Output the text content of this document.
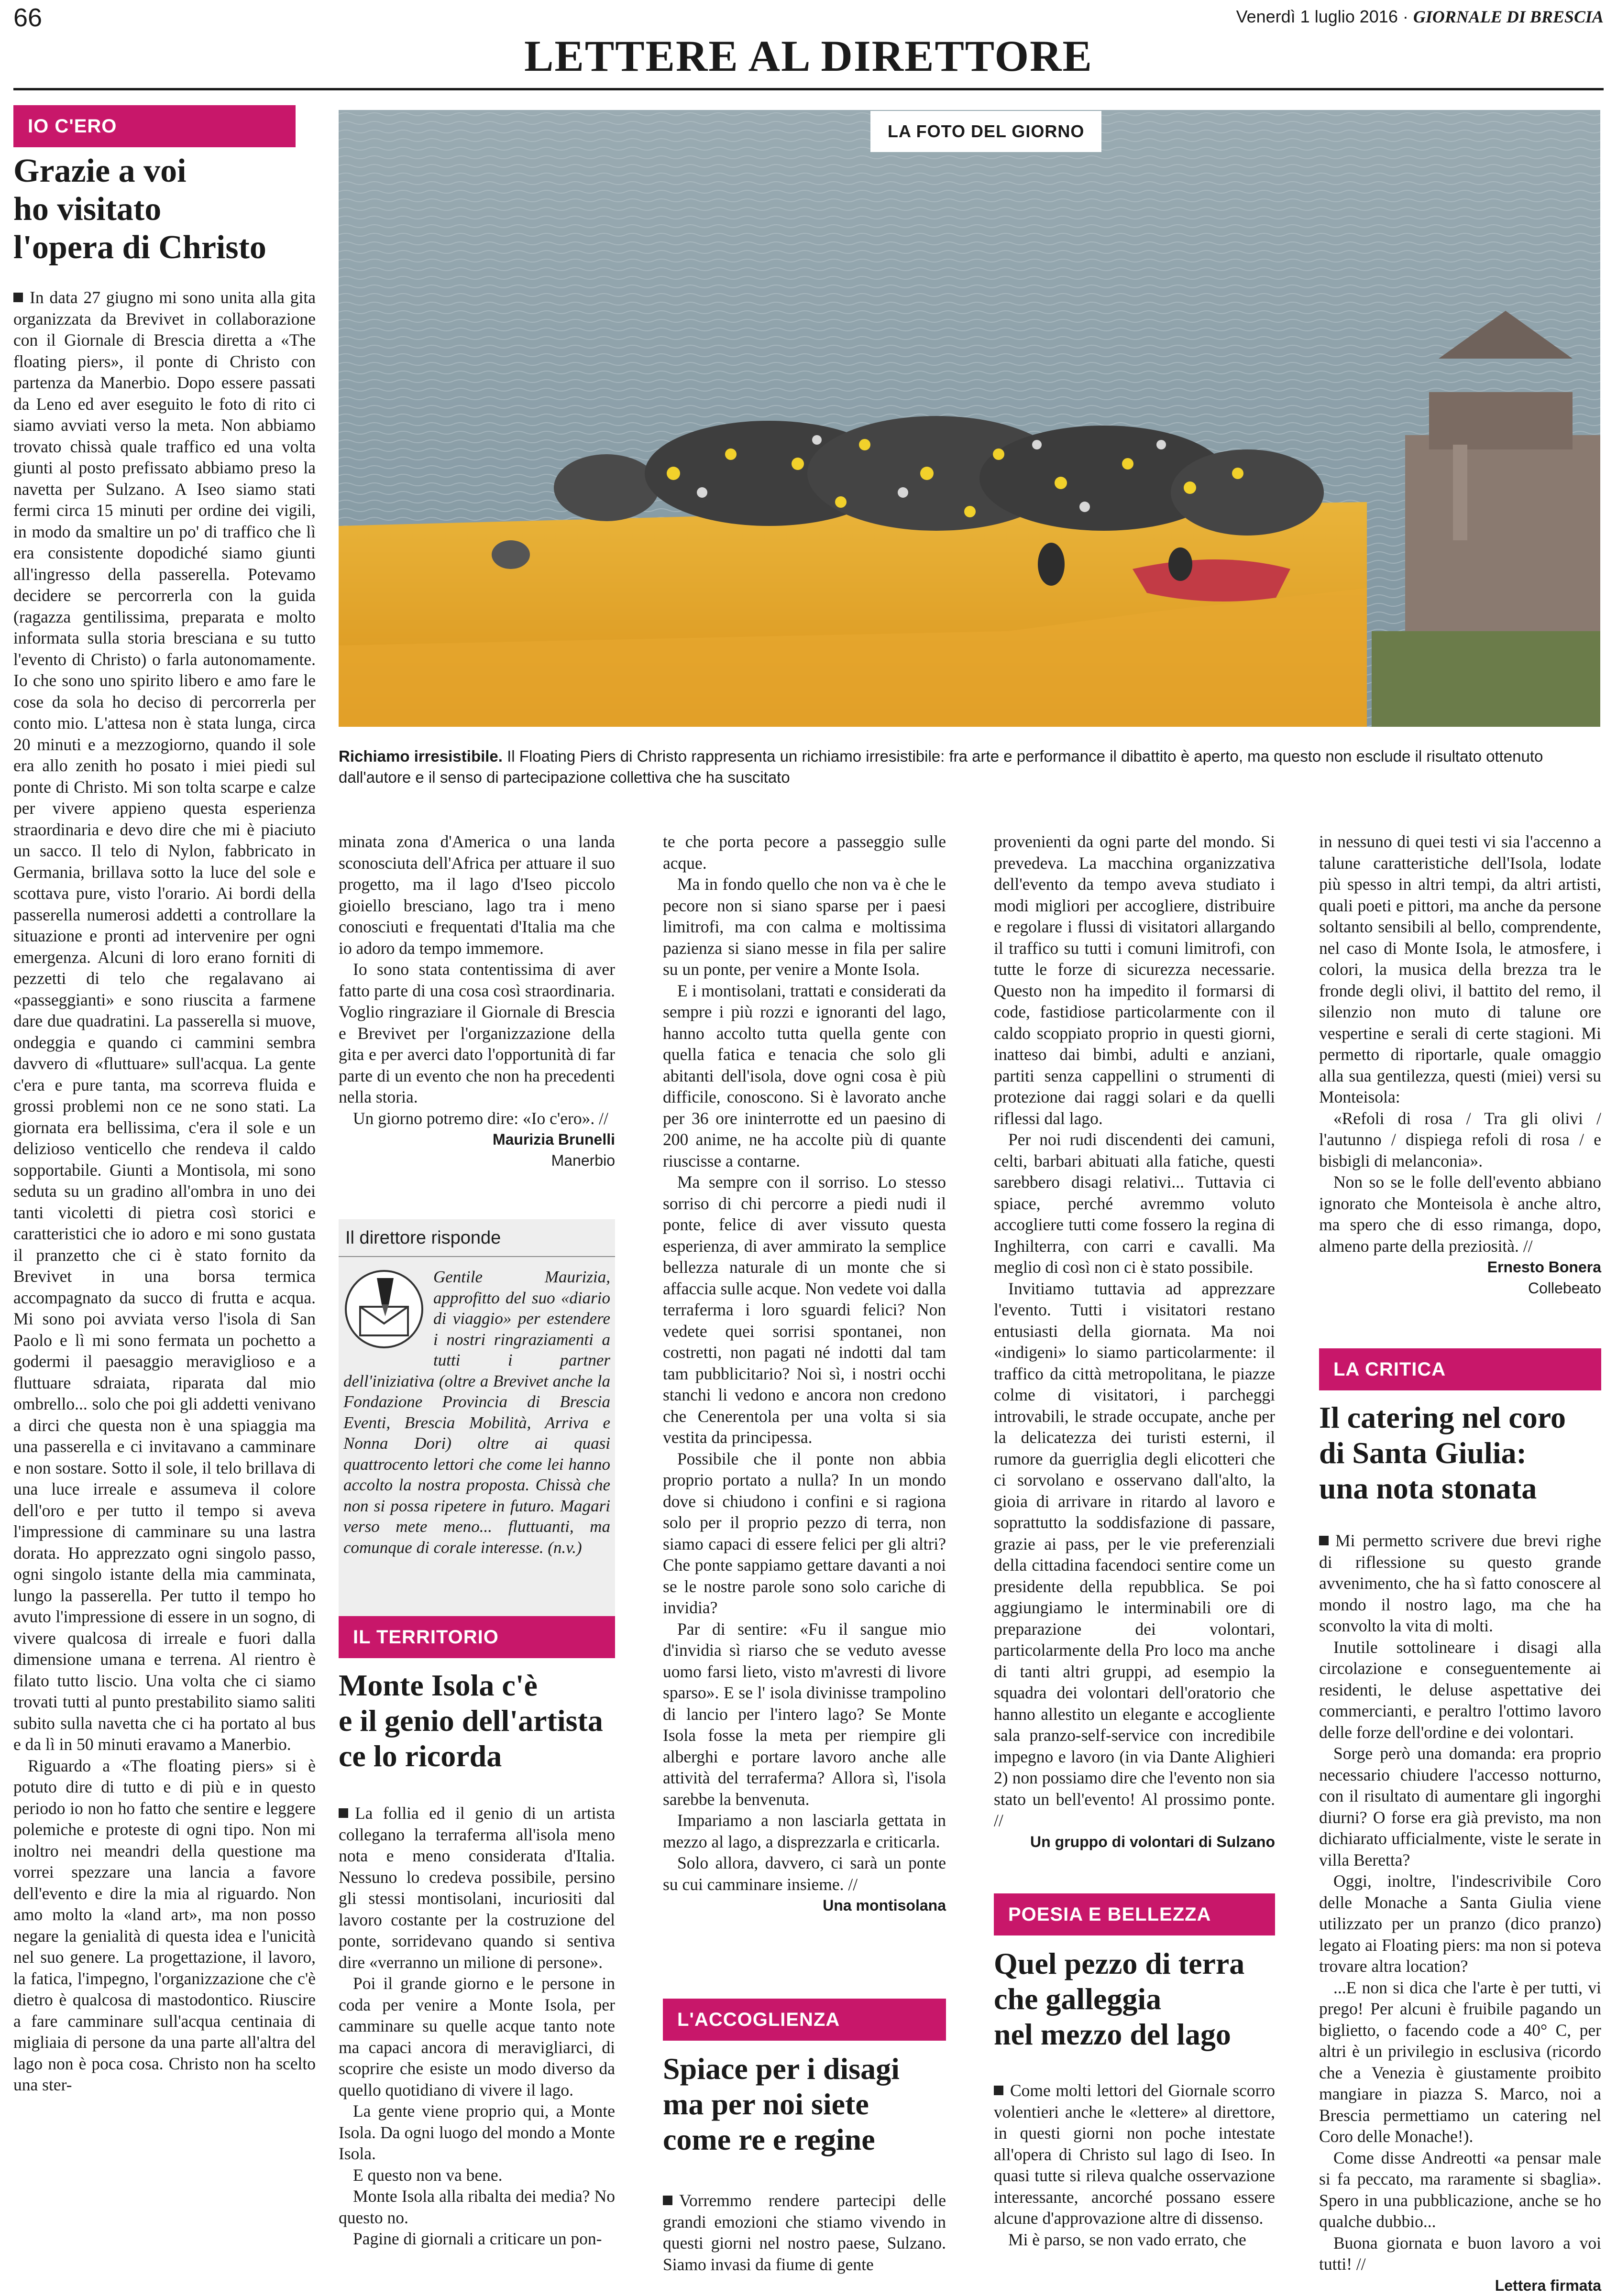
66	Venerdì 1 luglio 2016 · GIORNALE DI BRESCIA
LETTERE AL DIRETTORE
IO C'ERO
Grazie a voi
ho visitato
l'opera di Christo

In data 27 giugno mi sono unita alla gita organizzata da Brevivet in collaborazione con il Giornale di Brescia diretta a «The floating piers», il ponte di Christo con partenza da Manerbio. Dopo essere passati da Leno ed aver eseguito le foto di rito ci siamo avviati verso la meta. Non abbiamo trovato chissà quale traffico ed una volta giunti al posto prefissato abbiamo preso la navetta per Sulzano. A Iseo siamo stati fermi circa 15 minuti per ordine dei vigili, in modo da smaltire un po' di traffico che lì era consistente dopodiché siamo giunti all'ingresso della passerella. Potevamo decidere se percorrerla con la guida (ragazza gentilissima, preparata e molto informata sulla storia bresciana e su tutto l'evento di Christo) o farla autonomamente. Io che sono uno spirito libero e amo fare le cose da sola ho deciso di percorrerla per conto mio. L'attesa non è stata lunga, circa 20 minuti e a mezzogiorno, quando il sole era allo zenith ho posato i miei piedi sul ponte di Christo. Mi son tolta scarpe e calze per vivere appieno questa esperienza straordinaria e devo dire che mi è piaciuto un sacco. Il telo di Nylon, fabbricato in Germania, brillava sotto la luce del sole e scottava pure, visto l'orario. Ai bordi della passerella numerosi addetti a controllare la situazione e pronti ad intervenire per ogni emergenza. Alcuni di loro erano forniti di pezzetti di telo che regalavano ai «passeggianti» e sono riuscita a farmene dare due quadratini. La passerella si muove, ondeggia e quando ci cammini sembra davvero di «fluttuare» sull'acqua. La gente c'era e pure tanta, ma scorreva fluida e grossi problemi non ce ne sono stati. La giornata era bellissima, c'era il sole e un delizioso venticello che rendeva il caldo sopportabile. Giunti a Montisola, mi sono seduta su un gradino all'ombra in uno dei tanti vicoletti di pietra così storici e caratteristici che io adoro e mi sono gustata il pranzetto che ci è stato fornito da Brevivet in una borsa termica accompagnato da succo di frutta e acqua. Mi sono poi avviata verso l'isola di San Paolo e lì mi sono fermata un pochetto a godermi il paesaggio meraviglioso e a fluttuare sdraiata, riparata dal mio ombrello... solo che poi gli addetti venivano a dirci che questa non è una spiaggia ma una passerella e ci invitavano a camminare e non sostare. Sotto il sole, il telo brillava di una luce irreale e assumeva il colore dell'oro e per tutto il tempo si aveva l'impressione di camminare su una lastra dorata. Ho apprezzato ogni singolo passo, ogni singolo istante della mia camminata, lungo la passerella. Per tutto il tempo ho avuto l'impressione di essere in un sogno, di vivere qualcosa di irreale e fuori dalla dimensione umana e terrena. Al rientro è filato tutto liscio. Una volta che ci siamo trovati tutti al punto prestabilito siamo saliti subito sulla navetta che ci ha portato al bus e da lì in 50 minuti eravamo a Manerbio.

Riguardo a «The floating piers» si è potuto dire di tutto e di più e in questo periodo io non ho fatto che sentire e leggere polemiche e proteste di ogni tipo. Non mi inoltro nei meandri della questione ma vorrei spezzare una lancia a favore dell'evento e dire la mia al riguardo. Non amo molto la «land art», ma non posso negare la genialità di questa idea e l'unicità nel suo genere. La progettazione, il lavoro, la fatica, l'impegno, l'organizzazione che c'è dietro è qualcosa di mastodontico. Riuscire a fare camminare sull'acqua centinaia di migliaia di persone da una parte all'altra del lago non è poca cosa. Christo non ha scelto una ster-

LA FOTO DEL GIORNO
Richiamo irresistibile. Il Floating Piers di Christo rappresenta un richiamo irresistibile: fra arte e performance il dibattito è aperto, ma questo non esclude il risultato ottenuto dall'autore e il senso di partecipazione collettiva che ha suscitato

minata zona d'America o una landa sconosciuta dell'Africa per attuare il suo progetto, ma il lago d'Iseo piccolo gioiello bresciano, lago tra i meno conosciuti e frequentati d'Italia ma che io adoro da tempo immemore.

Io sono stata contentissima di aver fatto parte di una cosa così straordinaria. Voglio ringraziare il Giornale di Brescia e Brevivet per l'organizzazione della gita e per averci dato l'opportunità di far parte di un evento che non ha precedenti nella storia.

Un giorno potremo dire: «Io c'ero». //

Maurizia Brunelli
Manerbio
Il direttore risponde
Gentile Maurizia, approfitto del suo «diario di viaggio» per estendere i nostri ringraziamenti a tutti i partner dell'iniziativa (oltre a Brevivet anche la Fondazione Provincia di Brescia Eventi, Brescia Mobilità, Arriva e Nonna Dori) oltre ai quasi quattrocento lettori che come lei hanno accolto la nostra proposta. Chissà che non si possa ripetere in futuro. Magari verso mete meno... fluttuanti, ma comunque di corale interesse. (n.v.)
IL TERRITORIO
Monte Isola c'è
e il genio dell'artista
ce lo ricorda

La follia ed il genio di un artista collegano la terraferma all'isola meno nota e meno considerata d'Italia. Nessuno lo credeva possibile, persino gli stessi montisolani, incuriositi dal lavoro costante per la costruzione del ponte, sorridevano quando si sentiva dire «verranno un milione di persone».

Poi il grande giorno e le persone in coda per venire a Monte Isola, per camminare su quelle acque tanto note ma capaci ancora di meravigliarci, di scoprire che esiste un modo diverso da quello quotidiano di vivere il lago.

La gente viene proprio qui, a Monte Isola. Da ogni luogo del mondo a Monte Isola.

E questo non va bene.

Monte Isola alla ribalta dei media? No questo no.

Pagine di giornali a criticare un pon-

te che porta pecore a passeggio sulle acque.

Ma in fondo quello che non va è che le pecore non si siano sparse per i paesi limitrofi, ma con calma e moltissima pazienza si siano messe in fila per salire su un ponte, per venire a Monte Isola.

E i montisolani, trattati e considerati da sempre i più rozzi e ignoranti del lago, hanno accolto tutta quella gente con quella fatica e tenacia che solo gli abitanti dell'isola, dove ogni cosa è più difficile, conoscono. Si è lavorato anche per 36 ore ininterrotte ed un paesino di 200 anime, ne ha accolte più di quante riuscisse a contarne.

Ma sempre con il sorriso. Lo stesso sorriso di chi percorre a piedi nudi il ponte, felice di aver vissuto questa esperienza, di aver ammirato la semplice bellezza naturale di un monte che si affaccia sulle acque. Non vedete voi dalla terraferma i loro sguardi felici? Non vedete quei sorrisi spontanei, non costretti, non pagati né indotti dal tam tam pubblicitario? Noi sì, i nostri occhi stanchi li vedono e ancora non credono che Cenerentola per una volta si sia vestita da principessa.

Possibile che il ponte non abbia proprio portato a nulla? In un mondo dove si chiudono i confini e si ragiona solo per il proprio pezzo di terra, non siamo capaci di essere felici per gli altri? Che ponte sappiamo gettare davanti a noi se le nostre parole sono solo cariche di invidia?

Par di sentire: «Fu il sangue mio d'invidia sì riarso che se veduto avesse uomo farsi lieto, visto m'avresti di livore sparso». E se l' isola divinisse trampolino di lancio per l'intero lago? Se Monte Isola fosse la meta per riempire gli alberghi e portare lavoro anche alle attività del terraferma? Allora sì, l'isola sarebbe la benvenuta.

Impariamo a non lasciarla gettata in mezzo al lago, a disprezzarla e criticarla.

Solo allora, davvero, ci sarà un ponte su cui camminare insieme. //

Una montisolana
L'ACCOGLIENZA
Spiace per i disagi
ma per noi siete
come re e regine

Vorremmo rendere partecipi delle grandi emozioni che stiamo vivendo in questi giorni nel nostro paese, Sulzano. Siamo invasi da fiume di gente

provenienti da ogni parte del mondo. Si prevedeva. La macchina organizzativa dell'evento da tempo aveva studiato i modi migliori per accogliere, distribuire e regolare i flussi di visitatori allargando il traffico su tutti i comuni limitrofi, con tutte le forze di sicurezza necessarie. Questo non ha impedito il formarsi di code, fastidiose particolarmente con il caldo scoppiato proprio in questi giorni, inatteso dai bimbi, adulti e anziani, partiti senza cappellini o strumenti di protezione dai raggi solari e da quelli riflessi dal lago.

Per noi rudi discendenti dei camuni, celti, barbari abituati alla fatiche, questi sarebbero disagi relativi... Tuttavia ci spiace, perché avremmo voluto accogliere tutti come fossero la regina di Inghilterra, con carri e cavalli. Ma meglio di così non ci è stato possibile.

Invitiamo tuttavia ad apprezzare l'evento. Tutti i visitatori restano entusiasti della giornata. Ma noi «indigeni» lo siamo particolarmente: il traffico da città metropolitana, le piazze colme di visitatori, i parcheggi introvabili, le strade occupate, anche per la delicatezza dei turisti esterni, il rumore da guerriglia degli elicotteri che ci sorvolano e osservano dall'alto, la gioia di arrivare in ritardo al lavoro e soprattutto la soddisfazione di passare, grazie ai pass, per le vie preferenziali della cittadina facendoci sentire come un presidente della repubblica. Se poi aggiungiamo le interminabili ore di preparazione dei volontari, particolarmente della Pro loco ma anche di tanti altri gruppi, ad esempio la squadra dei volontari dell'oratorio che hanno allestito un elegante e accogliente sala pranzo-self-service con incredibile impegno e lavoro (in via Dante Alighieri 2) non possiamo dire che l'evento non sia stato un bell'evento! Al prossimo ponte. //

Un gruppo di volontari di Sulzano
POESIA E BELLEZZA
Quel pezzo di terra
che galleggia
nel mezzo del lago

Come molti lettori del Giornale scorro volentieri anche le «lettere» al direttore, in questi giorni non poche intestate all'opera di Christo sul lago di Iseo. In quasi tutte si rileva qualche osservazione interessante, ancorché possano essere alcune d'approvazione altre di dissenso.

Mi è parso, se non vado errato, che

in nessuno di quei testi vi sia l'accenno a talune caratteristiche dell'Isola, lodate più spesso in altri tempi, da altri artisti, quali poeti e pittori, ma anche da persone soltanto sensibili al bello, comprendente, nel caso di Monte Isola, le atmosfere, i colori, la musica della brezza tra le fronde degli olivi, il battito del remo, il silenzio non muto di talune ore vespertine e serali di certe stagioni. Mi permetto di riportarle, quale omaggio alla sua gentilezza, questi (miei) versi su Monteisola:

«Refoli di rosa / Tra gli olivi / l'autunno / dispiega refoli di rosa / e bisbigli di melanconia».

Non so se le folle dell'evento abbiano ignorato che Monteisola è anche altro, ma spero che di esso rimanga, dopo, almeno parte della preziosità. //

Ernesto Bonera
Collebeato
LA CRITICA
Il catering nel coro
di Santa Giulia:
una nota stonata

Mi permetto scrivere due brevi righe di riflessione su questo grande avvenimento, che ha sì fatto conoscere al mondo il nostro lago, ma che ha sconvolto la vita di molti.

Inutile sottolineare i disagi alla circolazione e conseguentemente ai residenti, le deluse aspettative dei commercianti, e peraltro l'ottimo lavoro delle forze dell'ordine e dei volontari.

Sorge però una domanda: era proprio necessario chiudere l'accesso notturno, con il risultato di aumentare gli ingorghi diurni? O forse era già previsto, ma non dichiarato ufficialmente, viste le serate in villa Beretta?

Oggi, inoltre, l'indescrivibile Coro delle Monache a Santa Giulia viene utilizzato per un pranzo (dico pranzo) legato ai Floating piers: ma non si poteva trovare altra location?

...E non si dica che l'arte è per tutti, vi prego! Per alcuni è fruibile pagando un biglietto, o facendo code a 40° C, per altri è un privilegio in esclusiva (ricordo che a Venezia è giustamente proibito mangiare in piazza S. Marco, noi a Brescia permettiamo un catering nel Coro delle Monache!).

Come disse Andreotti «a pensar male si fa peccato, ma raramente si sbaglia». Spero in una pubblicazione, anche se ho qualche dubbio...

Buona giornata e buon lavoro a voi tutti! //

Lettera firmata
